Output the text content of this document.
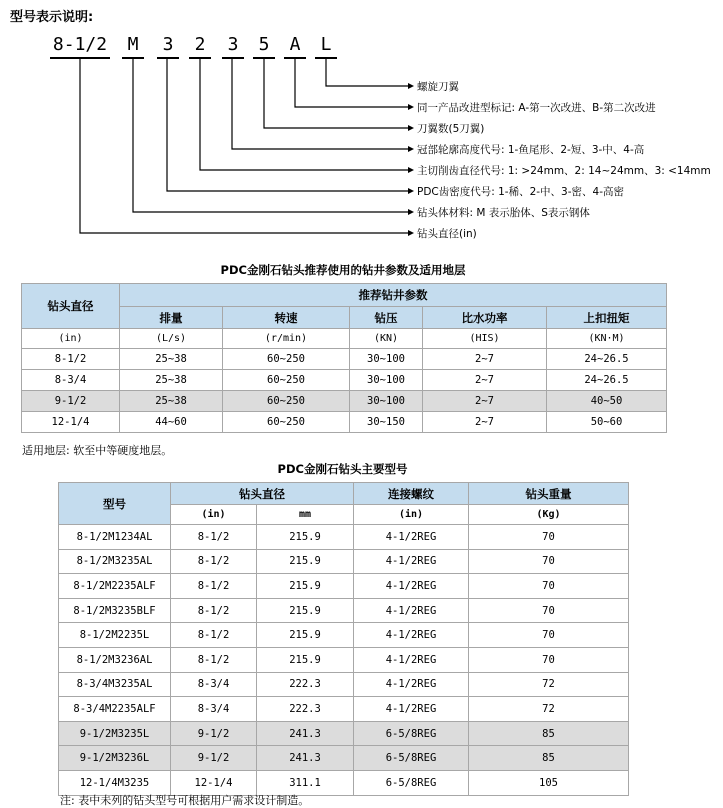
型号表示说明:
8-1/2 M 3 2 3 5 A L
螺旋刀翼
同一产品改进型标记: A-第一次改进、B-第二次改进
刀翼数(5刀翼)
冠部轮廓高度代号: 1-鱼尾形、2-短、3-中、4-高
主切削齿直径代号: 1: >24mm、2: 14~24mm、3: <14mm
PDC齿密度代号: 1-稀、2-中、3-密、4-高密
钻头体材料: M 表示胎体、S表示钢体
钻头直径(in)
PDC金刚石钻头推荐使用的钻井参数及适用地层
钻头直径	推荐钻井参数				
	排量	转速	钻压	比水功率	上扣扭矩
(in)	(L/s)	(r/min)	(KN)	(HIS)	(KN·M)
8-1/2	25~38	60~250	30~100	2~7	24~26.5
8-3/4	25~38	60~250	30~100	2~7	24~26.5
9-1/2	25~38	60~250	30~100	2~7	40~50
12-1/4	44~60	60~250	30~150	2~7	50~60
适用地层: 软至中等硬度地层。
PDC金刚石钻头主要型号
型号	钻头直径		连接螺纹	钻头重量
	(in)	mm	(in)	(Kg)
8-1/2M1234AL	8-1/2	215.9	4-1/2REG	70
8-1/2M3235AL	8-1/2	215.9	4-1/2REG	70
8-1/2M2235ALF	8-1/2	215.9	4-1/2REG	70
8-1/2M3235BLF	8-1/2	215.9	4-1/2REG	70
8-1/2M2235L	8-1/2	215.9	4-1/2REG	70
8-1/2M3236AL	8-1/2	215.9	4-1/2REG	70
8-3/4M3235AL	8-3/4	222.3	4-1/2REG	72
8-3/4M2235ALF	8-3/4	222.3	4-1/2REG	72
9-1/2M3235L	9-1/2	241.3	6-5/8REG	85
9-1/2M3236L	9-1/2	241.3	6-5/8REG	85
12-1/4M3235	12-1/4	311.1	6-5/8REG	105
注: 表中未列的钻头型号可根据用户需求设计制造。
